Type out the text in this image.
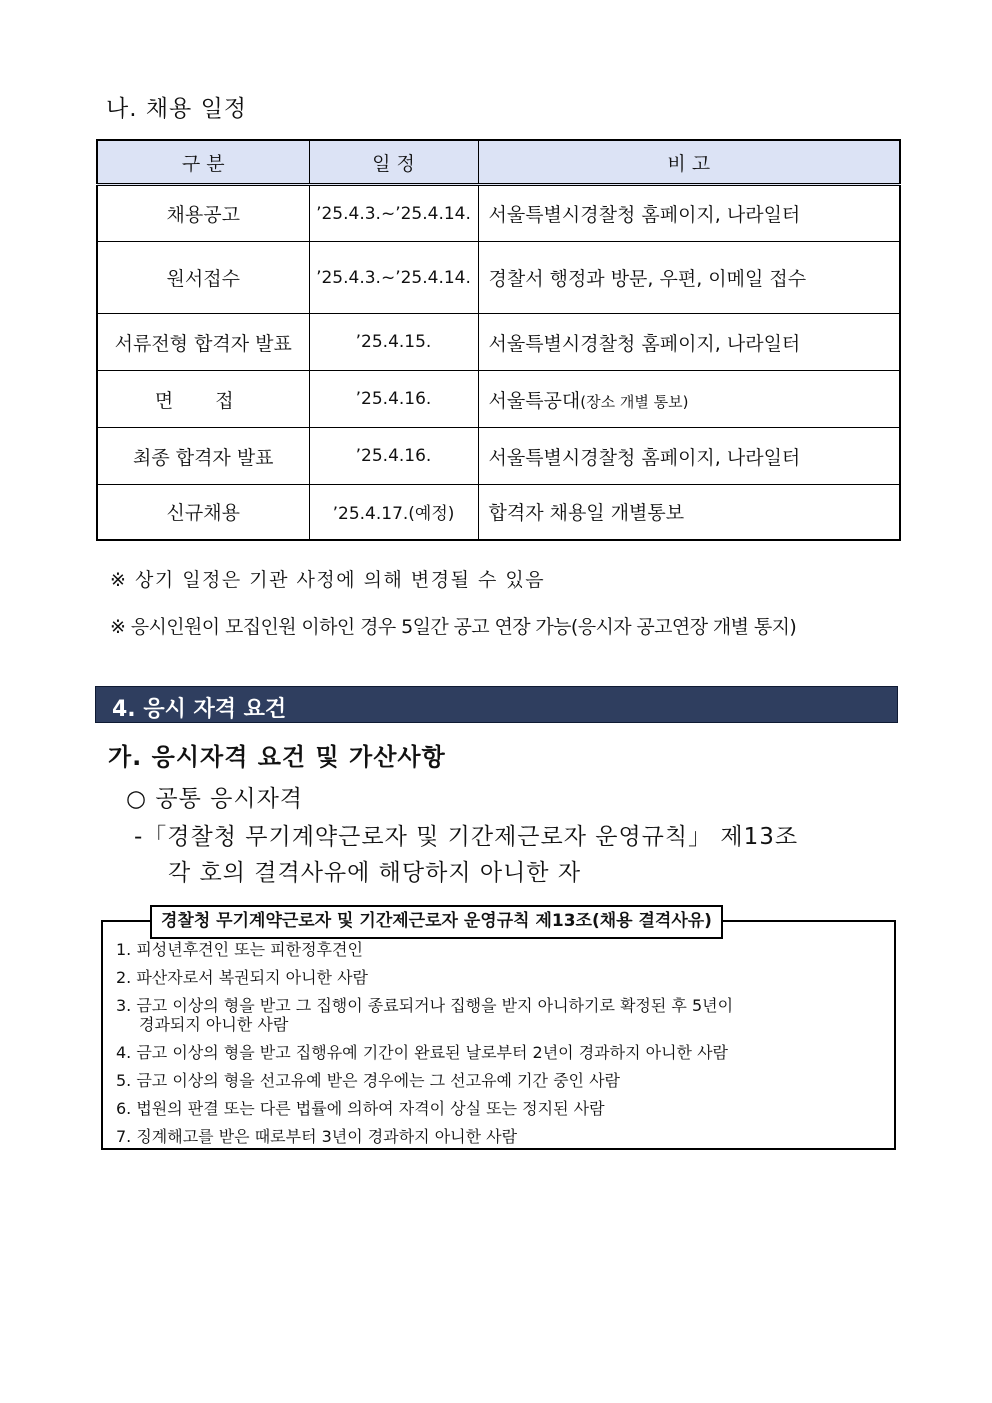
나. 채용 일정
구 분	일 정	비 고
채용공고	’25.4.3.~’25.4.14.	서울특별시경찰청 홈페이지, 나라일터
원서접수	’25.4.3.~’25.4.14.	경찰서 행정과 방문, 우편, 이메일 접수
서류전형 합격자 발표	’25.4.15.	서울특별시경찰청 홈페이지, 나라일터
면 접	’25.4.16.	서울특공대(장소 개별 통보)
최종 합격자 발표	’25.4.16.	서울특별시경찰청 홈페이지, 나라일터
신규채용	’25.4.17.(예정)	합격자 채용일 개별통보
※ 상기 일정은 기관 사정에 의해 변경될 수 있음
※ 응시인원이 모집인원 이하인 경우 5일간 공고 연장 가능(응시자 공고연장 개별 통지)
4. 응시 자격 요건
가. 응시자격 요건 및 가산사항
○ 공통 응시자격
-「경찰청 무기계약근로자 및 기간제근로자 운영규칙」 제13조
각 호의 결격사유에 해당하지 아니한 자
1. 피성년후견인 또는 피한정후견인
2. 파산자로서 복권되지 아니한 사람
3. 금고 이상의 형을 받고 그 집행이 종료되거나 집행을 받지 아니하기로 확정된 후 5년이
경과되지 아니한 사람
4. 금고 이상의 형을 받고 집행유예 기간이 완료된 날로부터 2년이 경과하지 아니한 사람
5. 금고 이상의 형을 선고유예 받은 경우에는 그 선고유예 기간 중인 사람
6. 법원의 판결 또는 다른 법률에 의하여 자격이 상실 또는 정지된 사람
7. 징계해고를 받은 때로부터 3년이 경과하지 아니한 사람
경찰청 무기계약근로자 및 기간제근로자 운영규칙 제13조(채용 결격사유)
